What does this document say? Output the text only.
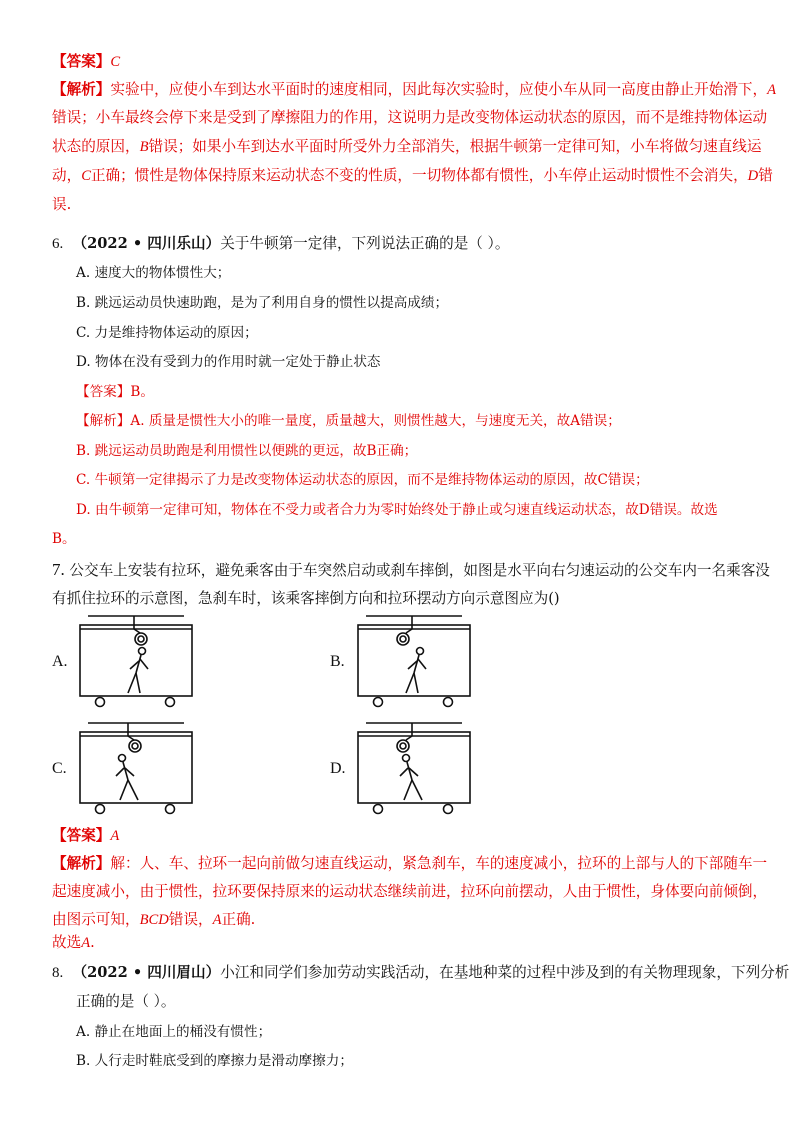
【答案】C
【解析】实验中，应使小车到达水平面时的速度相同，因此每次实验时，应使小车从同一高度由静止开始滑下，A
错误；小车最终会停下来是受到了摩擦阻力的作用，这说明力是改变物体运动状态的原因，而不是维持物体运动
状态的原因，B错误；如果小车到达水平面时所受外力全部消失，根据牛顿第一定律可知，小车将做匀速直线运
动，C正确；惯性是物体保持原来运动状态不变的性质，一切物体都有惯性，小车停止运动时惯性不会消失，D错
误.
6. （2022 • 四川乐山）关于牛顿第一定律，下列说法正确的是（ ）。
A. 速度大的物体惯性大；
B. 跳远运动员快速助跑，是为了利用自身的惯性以提高成绩；
C. 力是维持物体运动的原因；
D. 物体在没有受到力的作用时就一定处于静止状态
【答案】B。
【解析】A. 质量是惯性大小的唯一量度，质量越大，则惯性越大，与速度无关，故A错误；
B. 跳远运动员助跑是利用惯性以便跳的更远，故B正确；
C. 牛顿第一定律揭示了力是改变物体运动状态的原因，而不是维持物体运动的原因，故C错误；
D. 由牛顿第一定律可知，物体在不受力或者合力为零时始终处于静止或匀速直线运动状态，故D错误。故选
B。
7. 公交车上安装有拉环，避免乘客由于车突然启动或刹车摔倒，如图是水平向右匀速运动的公交车内一名乘客没
有抓住拉环的示意图，急刹车时，该乘客摔倒方向和拉环摆动方向示意图应为()
A.	B.
C.	D.
【答案】A
【解析】解：人、车、拉环一起向前做匀速直线运动，紧急刹车，车的速度减小，拉环的上部与人的下部随车一
起速度减小，由于惯性，拉环要保持原来的运动状态继续前进，拉环向前摆动，人由于惯性，身体要向前倾倒，
由图示可知，BCD错误，A正确.
故选A.
8. （2022 • 四川眉山）小江和同学们参加劳动实践活动，在基地种菜的过程中涉及到的有关物理现象，下列分析
正确的是（ ）。
A. 静止在地面上的桶没有惯性；
B. 人行走时鞋底受到的摩擦力是滑动摩擦力；
